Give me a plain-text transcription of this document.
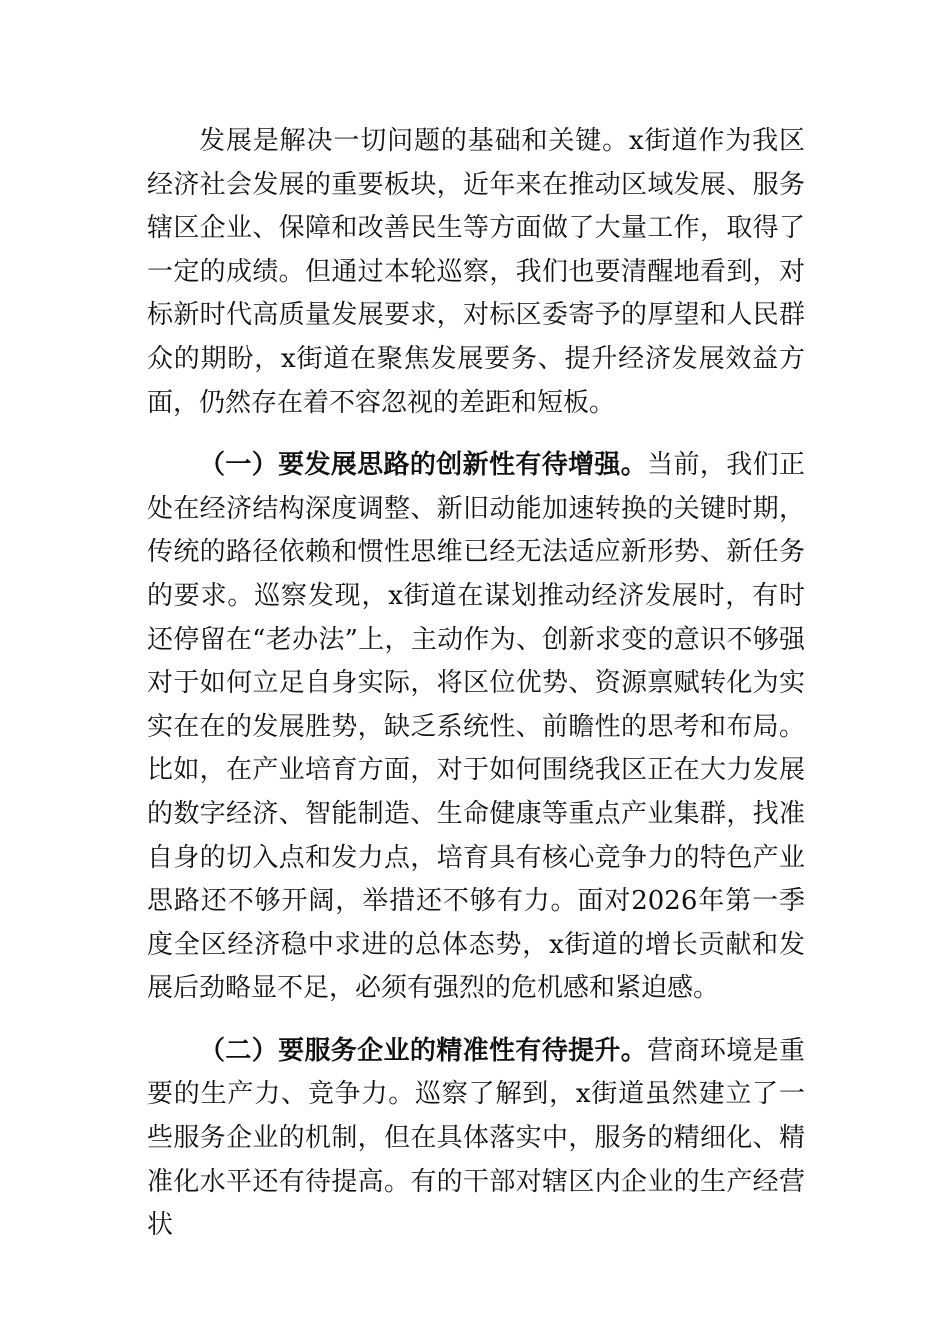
发展是解决一切问题的基础和关键。x街道作为我区经济社会发展的重要板块，近年来在推动区域发展、服务辖区企业、保障和改善民生等方面做了大量工作，取得了一定的成绩。但通过本轮巡察，我们也要清醒地看到，对标新时代高质量发展要求，对标区委寄予的厚望和人民群众的期盼，x街道在聚焦发展要务、提升经济发展效益方面，仍然存在着不容忽视的差距和短板。

（一）要发展思路的创新性有待增强。当前，我们正处在经济结构深度调整、新旧动能加速转换的关键时期，传统的路径依赖和惯性思维已经无法适应新形势、新任务的要求。巡察发现，x街道在谋划推动经济发展时，有时还停留在“老办法”上，主动作为、创新求变的意识不够强对于如何立足自身实际，将区位优势、资源禀赋转化为实实在在的发展胜势，缺乏系统性、前瞻性的思考和布局。比如，在产业培育方面，对于如何围绕我区正在大力发展的数字经济、智能制造、生命健康等重点产业集群，找准自身的切入点和发力点，培育具有核心竞争力的特色产业思路还不够开阔，举措还不够有力。面对2026年第一季度全区经济稳中求进的总体态势，x街道的增长贡献和发展后劲略显不足，必须有强烈的危机感和紧迫感。

（二）要服务企业的精准性有待提升。营商环境是重要的生产力、竞争力。巡察了解到，x街道虽然建立了一些服务企业的机制，但在具体落实中，服务的精细化、精准化水平还有待提高。有的干部对辖区内企业的生产经营状
